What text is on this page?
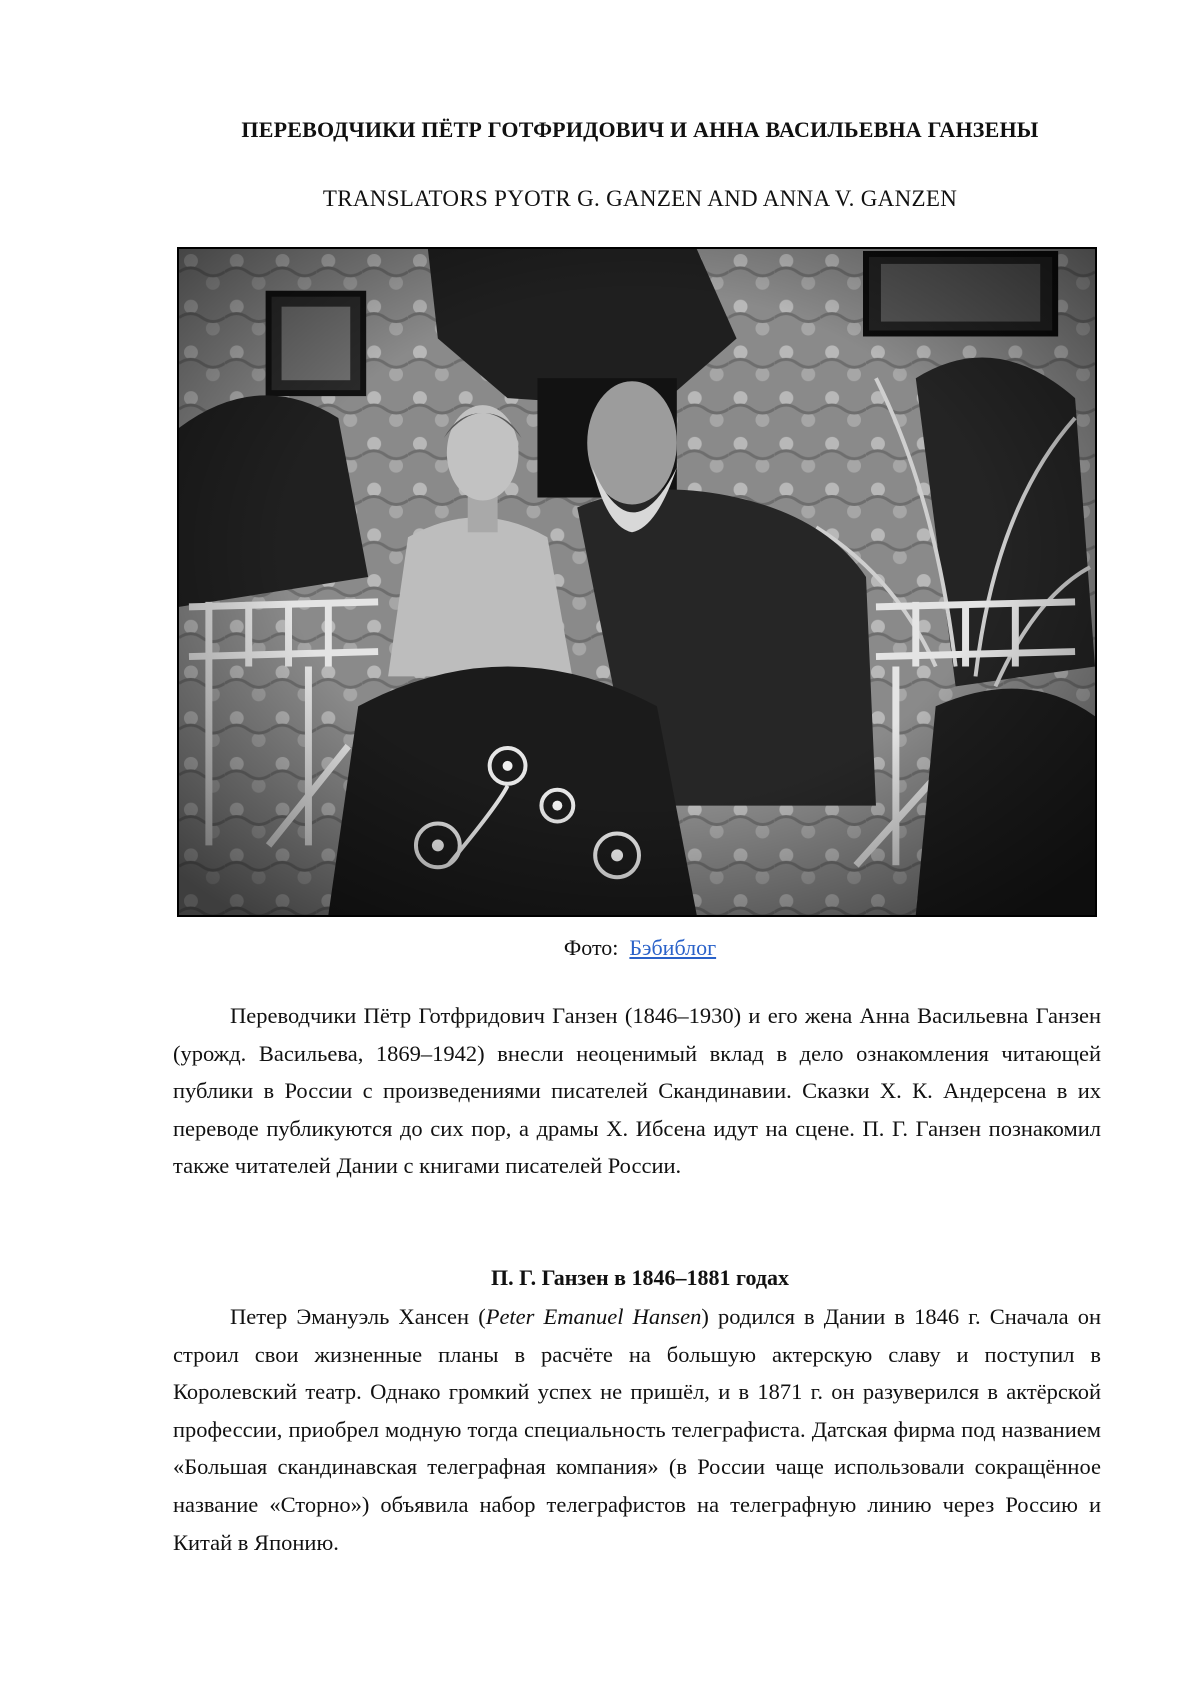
ПЕРЕВОДЧИКИ ПЁТР ГОТФРИДОВИЧ И АННА ВАСИЛЬЕВНА ГАНЗЕНЫ
TRANSLATORS PYOTR G. GANZEN AND ANNA V. GANZEN
Фото: Бэбиблог

Переводчики Пётр Готфридович Ганзен (1846–1930) и его жена Анна Васильевна Ганзен (урожд. Васильева, 1869–1942) внесли неоценимый вклад в дело ознакомления читающей публики в России с произведениями писателей Скандинавии. Сказки Х. К. Андерсена в их переводе публикуются до сих пор, а драмы Х. Ибсена идут на сцене. П. Г. Ганзен познакомил также читателей Дании с книгами писателей России.

П. Г. Ганзен в 1846–1881 годах

Петер Эмануэль Хансен (Peter Emanuel Hansen) родился в Дании в 1846 г. Сначала он строил свои жизненные планы в расчёте на большую актерскую славу и поступил в Королевский театр. Однако громкий успех не пришёл, и в 1871 г. он разуверился в актёрской профессии, приобрел модную тогда специальность телеграфиста. Датская фирма под названием «Большая скандинавская телеграфная компания» (в России чаще использовали сокращённое название «Сторно») объявила набор телеграфистов на телеграфную линию через Россию и Китай в Японию.
